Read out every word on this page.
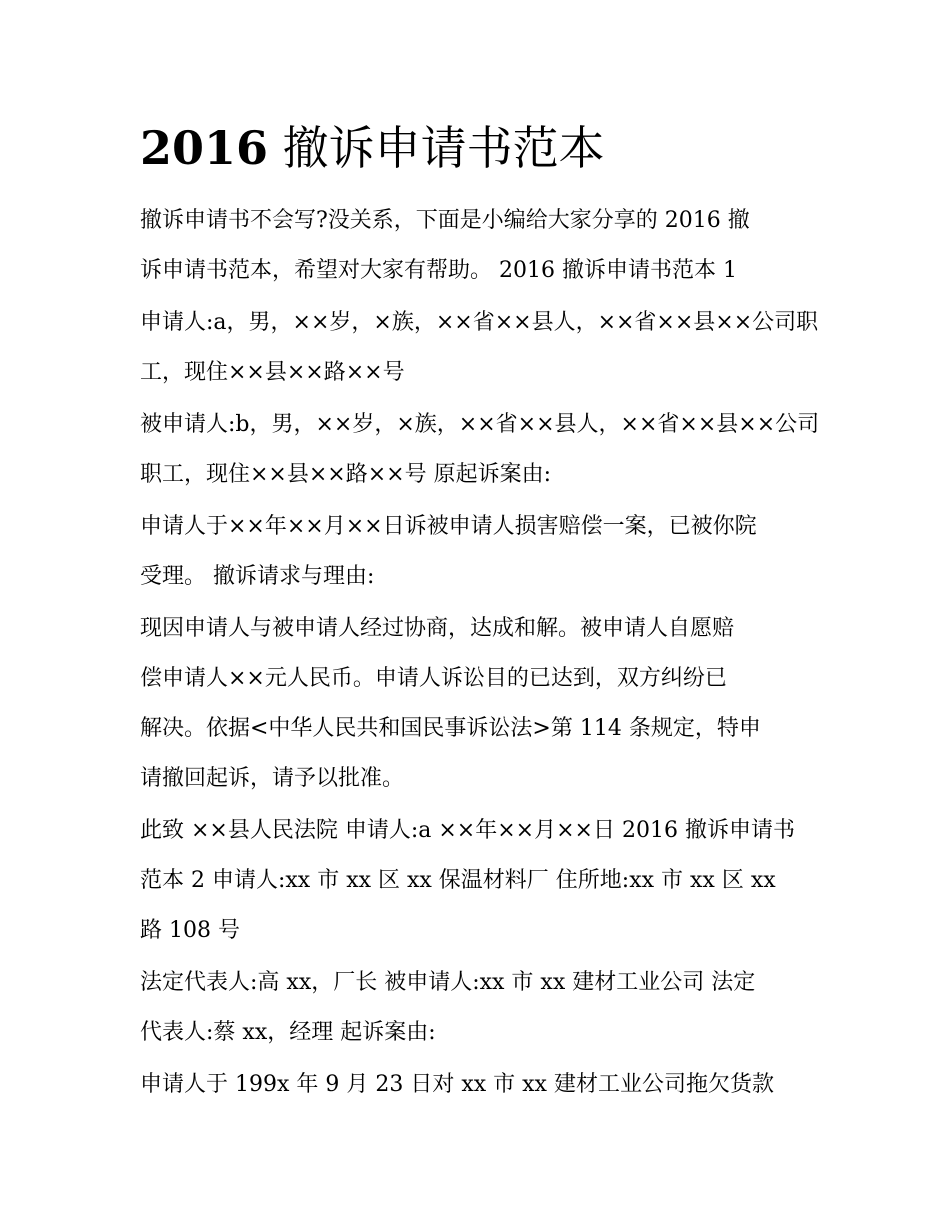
2016 撤诉申请书范本

撤诉申请书不会写?没关系，下面是小编给大家分享的 2016 撤

诉申请书范本，希望对大家有帮助。 2016 撤诉申请书范本 1

申请人:a，男，××岁，×族，××省××县人，××省××县××公司职

工，现住××县××路××号

被申请人:b，男，××岁，×族，××省××县人，××省××县××公司

职工，现住××县××路××号 原起诉案由:

申请人于××年××月××日诉被申请人损害赔偿一案，已被你院

受理。 撤诉请求与理由:

现因申请人与被申请人经过协商，达成和解。被申请人自愿赔

偿申请人××元人民币。申请人诉讼目的已达到，双方纠纷已

解决。依据<中华人民共和国民事诉讼法>第 114 条规定，特申

请撤回起诉，请予以批准。

此致 ××县人民法院 申请人:a ××年××月××日 2016 撤诉申请书

范本 2 申请人:xx 市 xx 区 xx 保温材料厂 住所地:xx 市 xx 区 xx

路 108 号

法定代表人:高 xx，厂长 被申请人:xx 市 xx 建材工业公司 法定

代表人:蔡 xx，经理 起诉案由:

申请人于 199x 年 9 月 23 日对 xx 市 xx 建材工业公司拖欠货款
